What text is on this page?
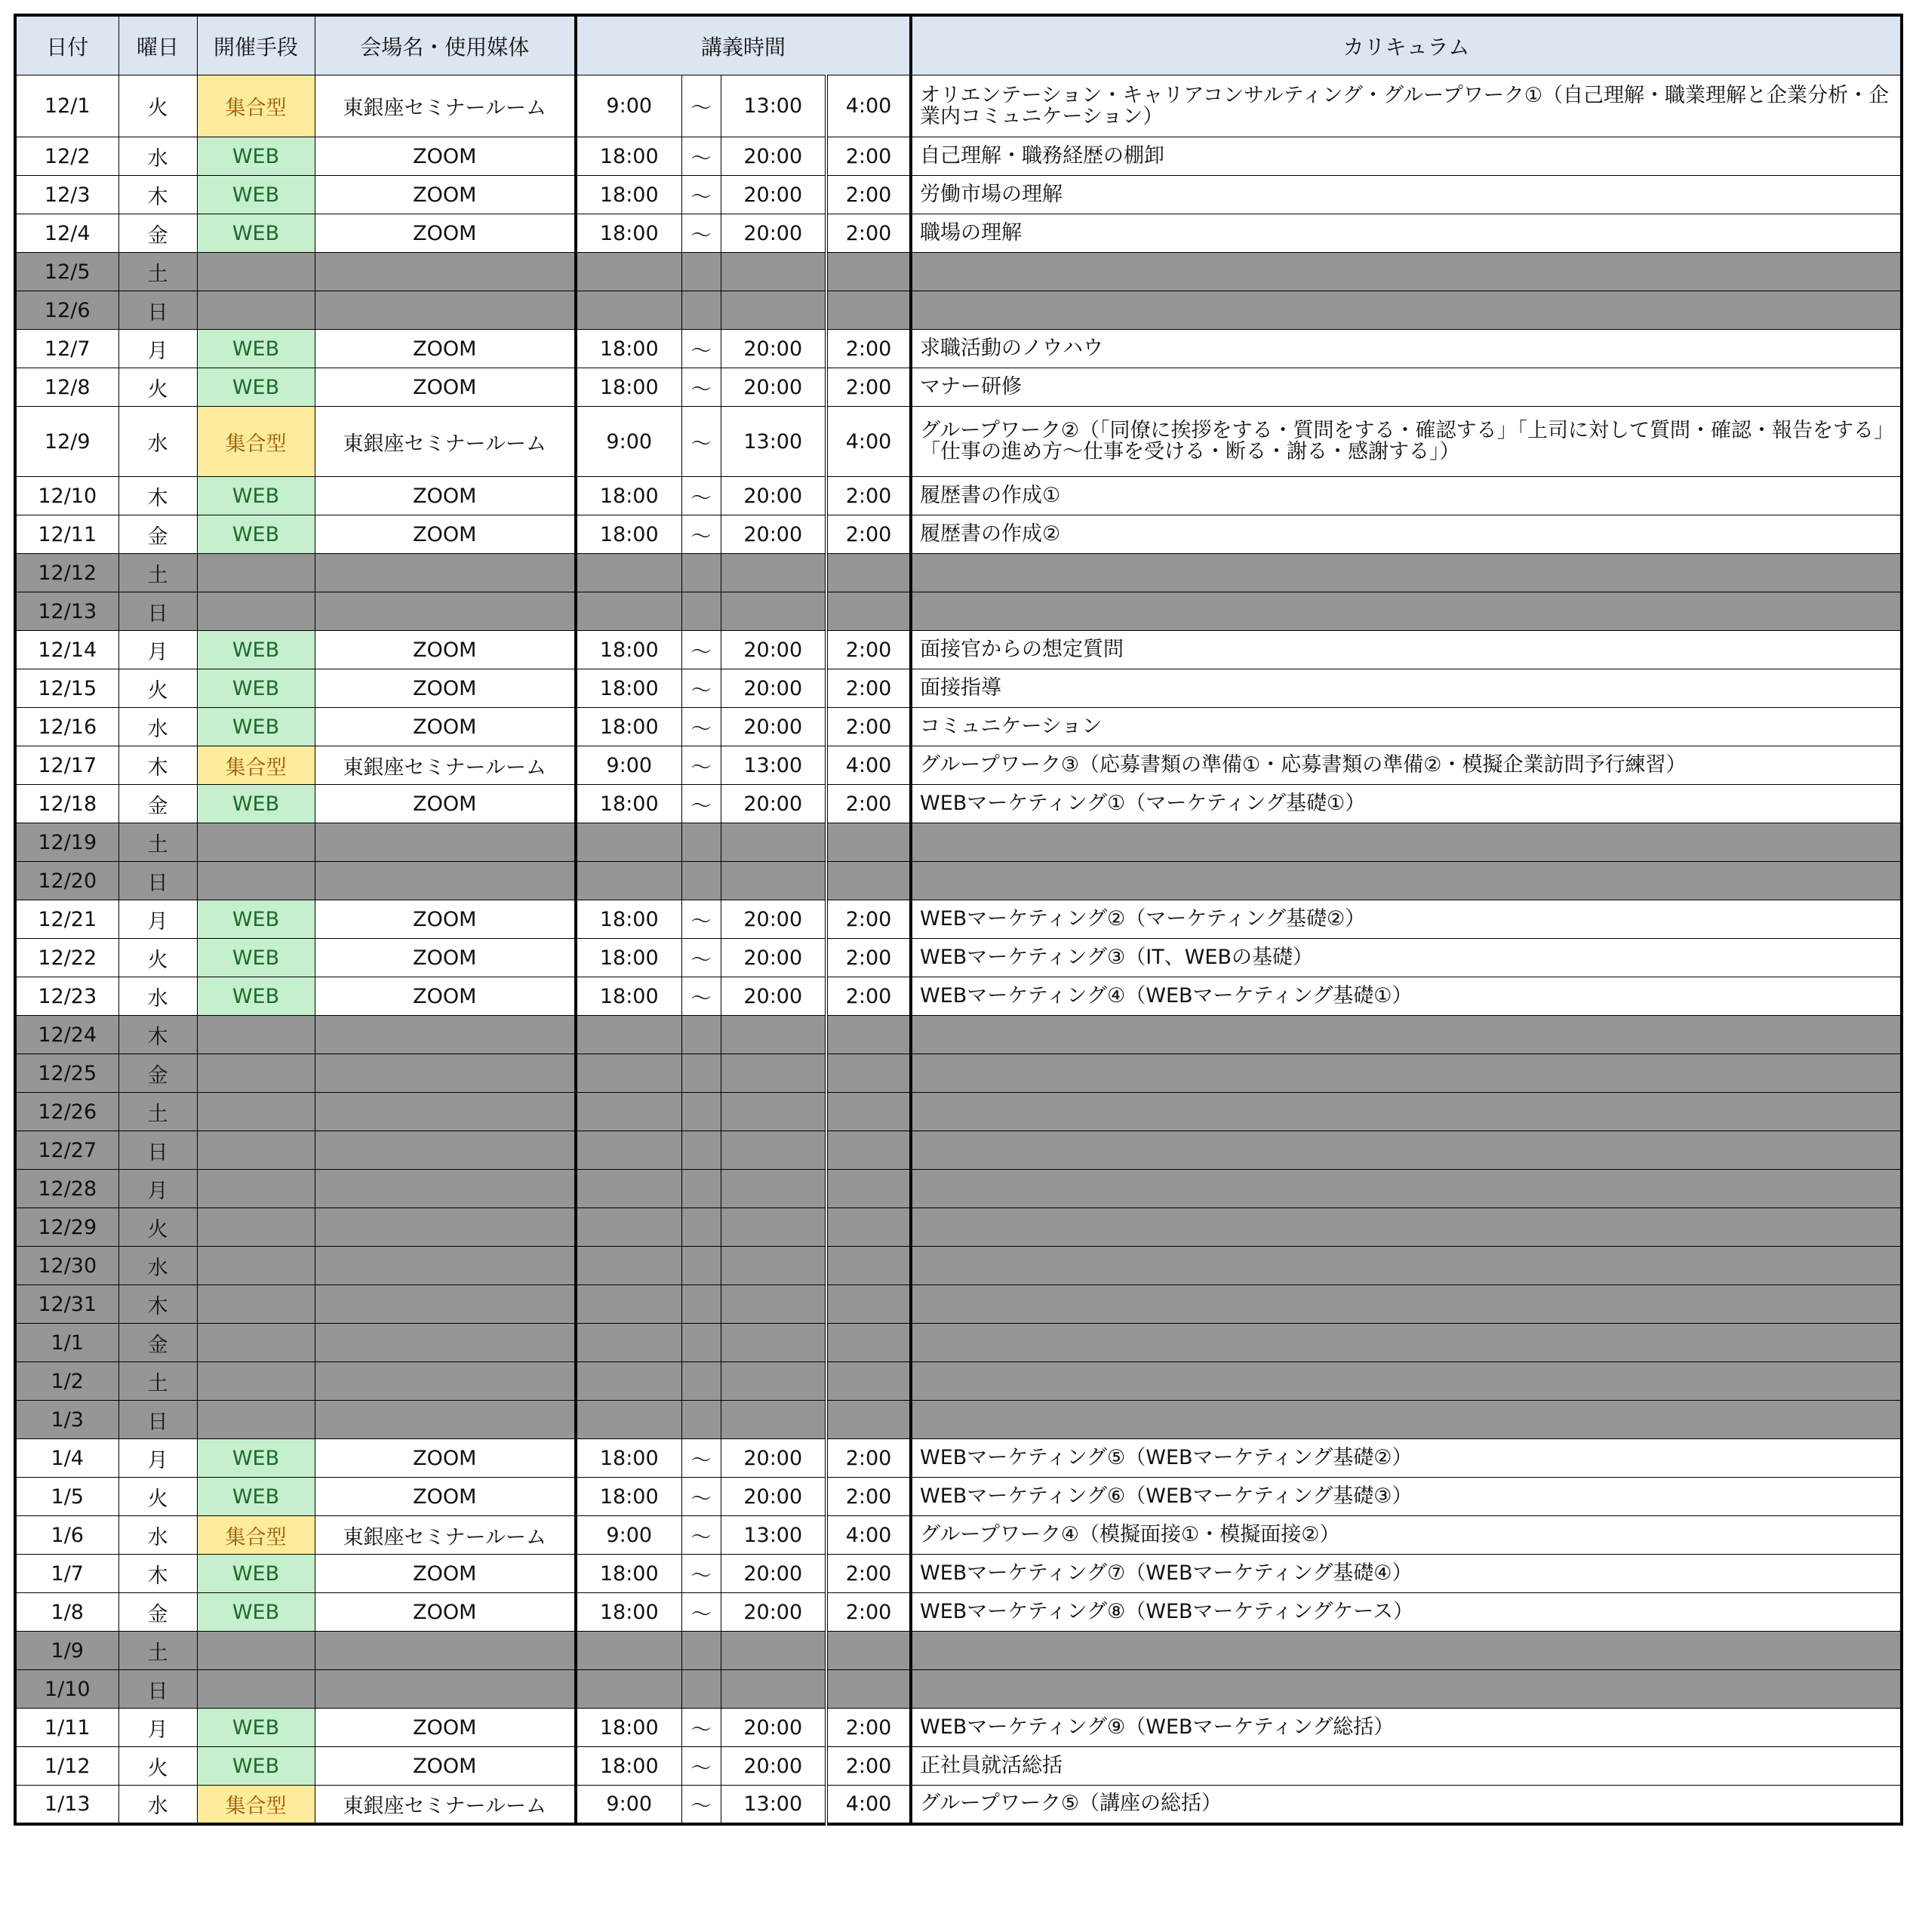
日付	曜日	開催手段	会場名・使用媒体	講義時間				カリキュラム
12/1	火	集合型	東銀座セミナールーム	9:00	〜	13:00	4:00	オリエンテーション・キャリアコンサルティング・グループワーク①（自己理解・職業理解と企業分析・企業内コミュニケーション）
12/2	水	WEB	ZOOM	18:00	〜	20:00	2:00	自己理解・職務経歴の棚卸
12/3	木	WEB	ZOOM	18:00	〜	20:00	2:00	労働市場の理解
12/4	金	WEB	ZOOM	18:00	〜	20:00	2:00	職場の理解
12/5	土							
12/6	日							
12/7	月	WEB	ZOOM	18:00	〜	20:00	2:00	求職活動のノウハウ
12/8	火	WEB	ZOOM	18:00	〜	20:00	2:00	マナー研修
12/9	水	集合型	東銀座セミナールーム	9:00	〜	13:00	4:00	グループワーク②（「同僚に挨拶をする・質問をする・確認する」「上司に対して質問・確認・報告をする」「仕事の進め方〜仕事を受ける・断る・謝る・感謝する」）
12/10	木	WEB	ZOOM	18:00	〜	20:00	2:00	履歴書の作成①
12/11	金	WEB	ZOOM	18:00	〜	20:00	2:00	履歴書の作成②
12/12	土							
12/13	日							
12/14	月	WEB	ZOOM	18:00	〜	20:00	2:00	面接官からの想定質問
12/15	火	WEB	ZOOM	18:00	〜	20:00	2:00	面接指導
12/16	水	WEB	ZOOM	18:00	〜	20:00	2:00	コミュニケーション
12/17	木	集合型	東銀座セミナールーム	9:00	〜	13:00	4:00	グループワーク③（応募書類の準備①・応募書類の準備②・模擬企業訪問予行練習）
12/18	金	WEB	ZOOM	18:00	〜	20:00	2:00	WEBマーケティング①（マーケティング基礎①）
12/19	土							
12/20	日							
12/21	月	WEB	ZOOM	18:00	〜	20:00	2:00	WEBマーケティング②（マーケティング基礎②）
12/22	火	WEB	ZOOM	18:00	〜	20:00	2:00	WEBマーケティング③（IT、WEBの基礎）
12/23	水	WEB	ZOOM	18:00	〜	20:00	2:00	WEBマーケティング④（WEBマーケティング基礎①）
12/24	木							
12/25	金							
12/26	土							
12/27	日							
12/28	月							
12/29	火							
12/30	水							
12/31	木							
1/1	金							
1/2	土							
1/3	日							
1/4	月	WEB	ZOOM	18:00	〜	20:00	2:00	WEBマーケティング⑤（WEBマーケティング基礎②）
1/5	火	WEB	ZOOM	18:00	〜	20:00	2:00	WEBマーケティング⑥（WEBマーケティング基礎③）
1/6	水	集合型	東銀座セミナールーム	9:00	〜	13:00	4:00	グループワーク④（模擬面接①・模擬面接②）
1/7	木	WEB	ZOOM	18:00	〜	20:00	2:00	WEBマーケティング⑦（WEBマーケティング基礎④）
1/8	金	WEB	ZOOM	18:00	〜	20:00	2:00	WEBマーケティング⑧（WEBマーケティングケース）
1/9	土							
1/10	日							
1/11	月	WEB	ZOOM	18:00	〜	20:00	2:00	WEBマーケティング⑨（WEBマーケティング総括）
1/12	火	WEB	ZOOM	18:00	〜	20:00	2:00	正社員就活総括
1/13	水	集合型	東銀座セミナールーム	9:00	〜	13:00	4:00	グループワーク⑤（講座の総括）
